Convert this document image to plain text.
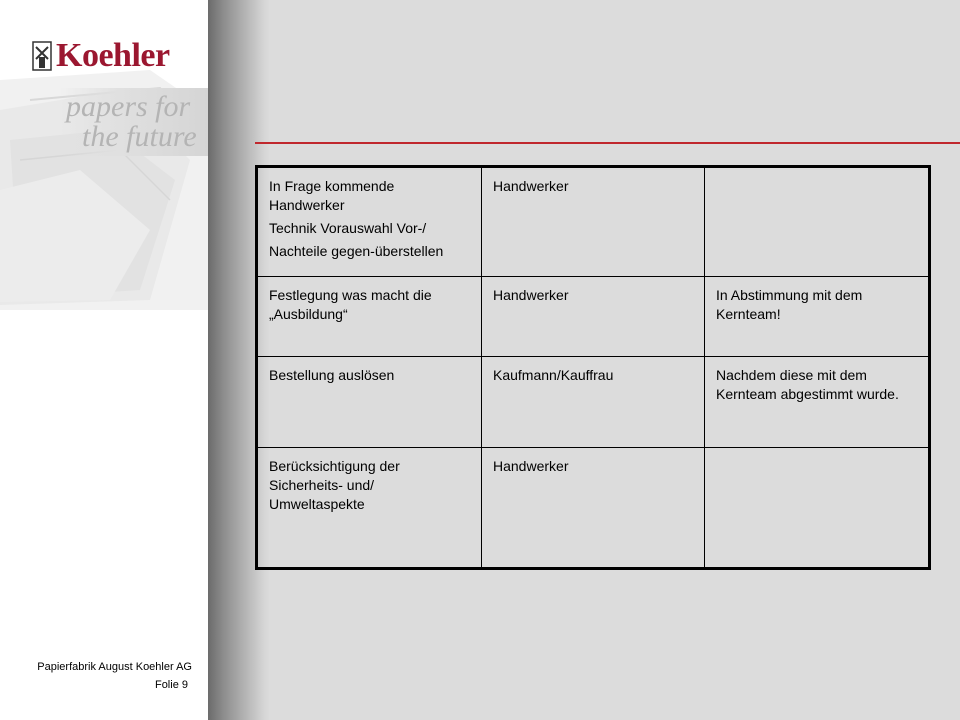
Koehler
papers for
the future
Papierfabrik August Koehler AG
Folie 9
In Frage kommende Handwerker
Technik Vorauswahl Vor-/
Nachteile gegen-überstellen	Handwerker	

Festlegung was macht die „Ausbildung“	Handwerker	In Abstimmung mit dem Kernteam!

Bestellung auslösen	Kaufmann/Kauffrau	Nachdem diese mit dem Kernteam abgestimmt wurde.

Berücksichtigung der Sicherheits- und/ Umweltaspekte	Handwerker	
